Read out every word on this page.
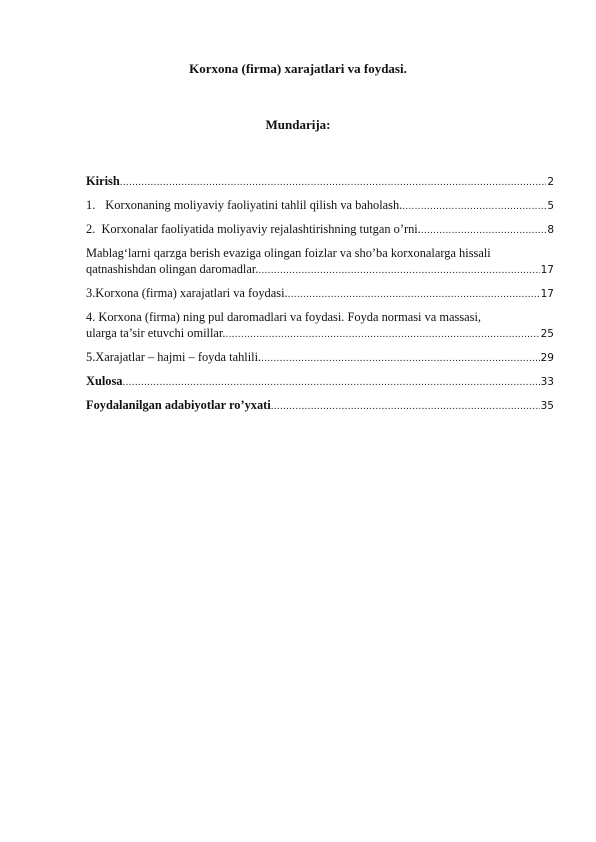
Korxona (firma) xarajatlari va foydasi.
Mundarija:
Kirish .....	2
1. Korxonaning moliyaviy faoliyatini tahlil qilish va baholash. .....	5
2.  Korxonalar faoliyatida moliyaviy rejalashtirishning tutgan o’rni. .....	8
Mablag‘larni qarzga berish evaziga olingan foizlar va sho’ba korxonalarga hissali
qatnashishdan olingan daromadlar. .....	17
3.Korxona (firma) xarajatlari va foydasi. .....	17
4. Korxona (firma) ning pul daromadlari va foydasi. Foyda normasi va massasi,
ularga ta’sir etuvchi omillar. .....	25
5.Xarajatlar – hajmi – foyda tahlili. .....	29
Xulosa .....	33
Foydalanilgan adabiyotlar ro’yxati .....	35
